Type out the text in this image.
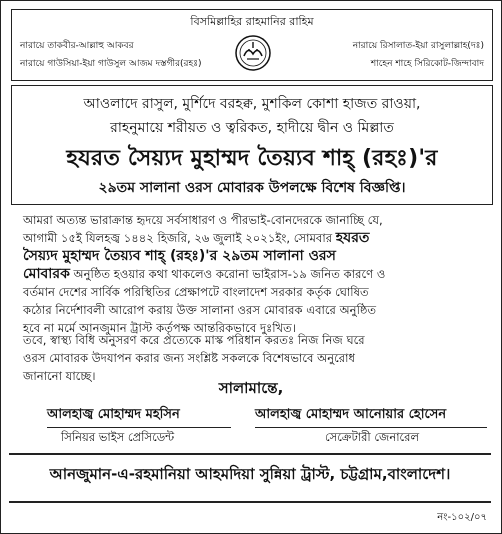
বিসমিল্লাহির রাহমানির রাহিম
নারায়ে তাকবীর-আল্লাহু আকবর
নারায়ে গাউসিয়া-ইয়া গাউসুল আজম দস্তগীর(রহঃ)
নারায়ে রিসালাত-ইয়া রাসুলাল্লাহ(দঃ)
শাহেন শাহে সিরিকোট-জিন্দাবাদ
আওলাদে রাসুল, মুর্শিদে বরহক্ব, মুশকিল কোশা হাজত রাওয়া,
রাহনুমায়ে শরীয়ত ও ত্বরিকত, হাদীয়ে দ্বীন ও মিল্লাত
হযরত সৈয়্যদ মুহাম্মদ তৈয়্যব শাহ্ (রহঃ)'র
২৯তম সালানা ওরস মোবারক উপলক্ষে বিশেষ বিজ্ঞপ্তি।
আমরা অত্যন্ত ভারাক্রান্ত হৃদয়ে সর্বসাধারণ ও পীরভাই-বোনদেরকে জানাচ্ছি যে,
আগামী ১৫ই যিলহজ্ব ১৪৪২ হিজরি, ২৬ জুলাই ২০২১ইং, সোমবার হযরত
সৈয়্যদ মুহাম্মদ তৈয়্যব শাহ্ (রহঃ)'র ২৯তম সালানা ওরস
মোবারক অনুষ্ঠিত হওয়ার কথা থাকলেও করোনা ভাইরাস-১৯ জনিত কারণে ও
বর্তমান দেশের সার্বিক পরিস্থিতির প্রেক্ষাপটে বাংলাদেশ সরকার কর্তৃক ঘোষিত
কঠোর নির্দেশাবলী আরোপ করায় উক্ত সালানা ওরস মোবারক এবারে অনুষ্ঠিত
হবে না মর্মে আনজুমান ট্রাস্ট কর্তৃপক্ষ আন্তরিকভাবে দুঃখিত।
তবে, স্বাস্থ্য বিধি অনুসরণ করে প্রত্যেকে মাস্ক পরিধান করতঃ নিজ নিজ ঘরে
ওরস মোবারক উদযাপন করার জন্য সংশ্লিষ্ট সকলকে বিশেষভাবে অনুরোধ
জানানো যাচ্ছে।
সালামান্তে,
আলহাজ্ব মোহাম্মদ মহসিন	আলহাজ্ব মোহাম্মদ আনোয়ার হোসেন
সিনিয়র ভাইস প্রেসিডেন্ট	সেক্রেটারী জেনারেল
আনজুমান-এ-রহমানিয়া আহমদিয়া সুন্নিয়া ট্রাস্ট, চট্টগ্রাম,বাংলাদেশ।
নং-১০২/০৭
